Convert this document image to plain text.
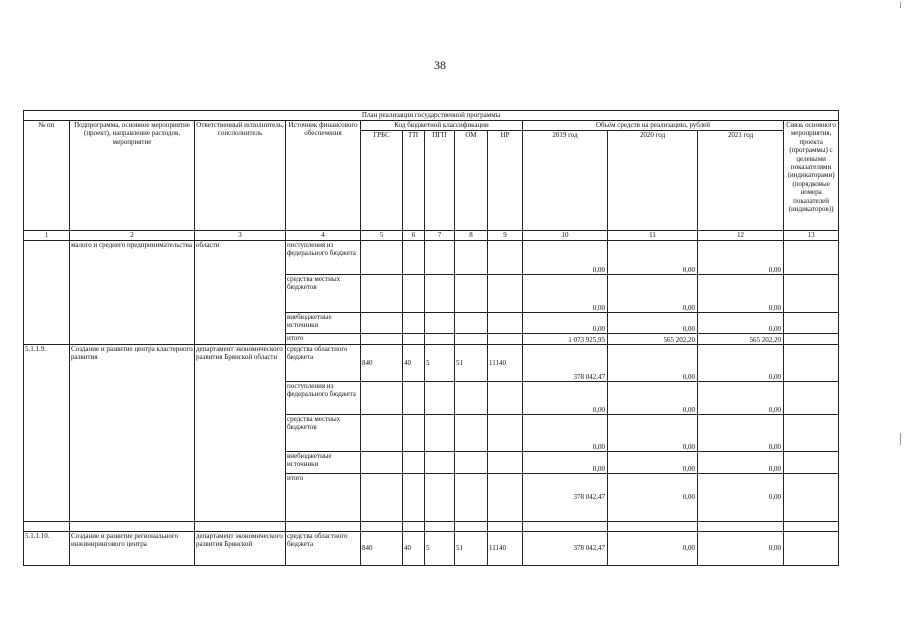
38
План реализации государственной программы												
№ пп	Подпрограмма, основное мероприятие (проект), направление расходов, мероприятие	Ответственный исполнитель, соисполнитель	Источник финансового обеспечения	Код бюджетной классификации					Объём средств на реализацию, рублей			Связь основного мероприятия, проекта (программы) с целевыми показателями (индикаторами) (порядковые номера показателей (индикаторов))
				ГРБС	ГП	ПГП	ОМ	НР	2019 год	2020 год	2021 год	
1	2	3	4	5	6	7	8	9	10	11	12	13
	малого и среднего предпринимательства	области	поступления из федерального бюджета						0,00	0,00	0,00	
			средства местных бюджетов						0,00	0,00	0,00	
			внебюджетные источники						0,00	0,00	0,00	
			итого						1 073 925,95	565 202,20	565 202,20	
5.1.1.9.	Создание и развитие центра кластерного развития	департамент экономического развития Брянской области	средства областного бюджета	840	40	5	51	11140	378 042,47	0,00	0,00	
			поступления из федерального бюджета						0,00	0,00	0,00	
			средства местных бюджетов						0,00	0,00	0,00	
			внебюджетные источники						0,00	0,00	0,00	
			итого						378 042,47	0,00	0,00	

5.1.1.10.	Создание и развитие регионального инжинирингового центра	департамент экономического развития Брянской	средства областного бюджета	840	40	5	51	11140	378 042,47	0,00	0,00	
